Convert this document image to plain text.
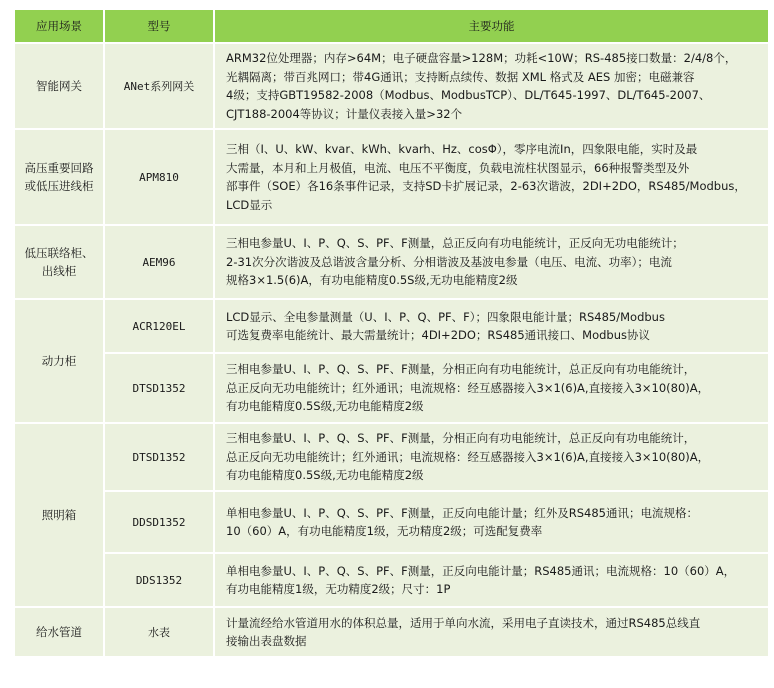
应用场景	型号	主要功能

智能网关	ANet系列网关	ARM32位处理器；内存>64M；电子硬盘容量>128M；功耗<10W；RS-485接口数量：2/4/8个，
光耦隔离；带百兆网口；带4G通讯；支持断点续传、数据 XML 格式及 AES 加密；电磁兼容
4级；支持GBT19582-2008（Modbus、ModbusTCP）、DL/T645-1997、DL/T645-2007、
CJT188-2004等协议；计量仪表接入量>32个

高压重要回路
或低压进线柜	APM810	三相（I、U、kW、kvar、kWh、kvarh、Hz、cosΦ），零序电流In，四象限电能，实时及最
大需量，本月和上月极值，电流、电压不平衡度，负载电流柱状图显示，66种报警类型及外
部事件（SOE）各16条事件记录，支持SD卡扩展记录，2-63次谐波，2DI+2DO，RS485/Modbus，
LCD显示

低压联络柜、
出线柜	AEM96	三相电参量U、I、P、Q、S、PF、F测量，总正反向有功电能统计，正反向无功电能统计；
2-31次分次谐波及总谐波含量分析、分相谐波及基波电参量（电压、电流、功率）；电流
规格3×1.5(6)A，有功电能精度0.5S级,无功电能精度2级

动力柜	ACR120EL	LCD显示、全电参量测量（U、I、P、Q、PF、F）；四象限电能计量；RS485/Modbus
可选复费率电能统计、最大需量统计；4DI+2DO；RS485通讯接口、Modbus协议

	DTSD1352	三相电参量U、I、P、Q、S、PF、F测量，分相正向有功电能统计，总正反向有功电能统计，
总正反向无功电能统计；红外通讯；电流规格：经互感器接入3×1(6)A,直接接入3×10(80)A，
有功电能精度0.5S级,无功电能精度2级

照明箱	DTSD1352	三相电参量U、I、P、Q、S、PF、F测量，分相正向有功电能统计，总正反向有功电能统计，
总正反向无功电能统计；红外通讯；电流规格：经互感器接入3×1(6)A,直接接入3×10(80)A，
有功电能精度0.5S级,无功电能精度2级

	DDSD1352	单相电参量U、I、P、Q、S、PF、F测量，正反向电能计量；红外及RS485通讯；电流规格：
10（60）A，有功电能精度1级，无功精度2级；可选配复费率

	DDS1352	单相电参量U、I、P、Q、S、PF、F测量，正反向电能计量；RS485通讯；电流规格：10（60）A，
有功电能精度1级，无功精度2级；尺寸：1P

给水管道	水表	计量流经给水管道用水的体积总量，适用于单向水流，采用电子直读技术，通过RS485总线直
接输出表盘数据
